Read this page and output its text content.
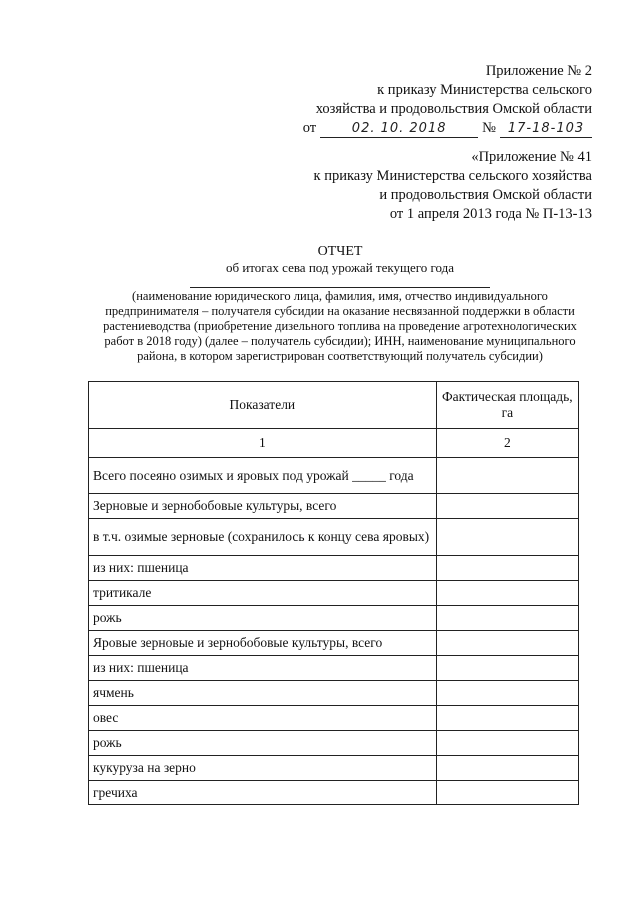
Приложение № 2
к приказу Министерства сельского
хозяйства и продовольствия Омской области
от	02. 10. 2018 № 17-18-103
«Приложение № 41
к приказу Министерства сельского хозяйства
и продовольствия Омской области
от 1 апреля 2013 года № П-13-13
ОТЧЕТ
об итогах сева под урожай текущего года
(наименование юридического лица, фамилия, имя, отчество индивидуального предпринимателя – получателя субсидии на оказание несвязанной поддержки в области растениеводства (приобретение дизельного топлива на проведение агротехнологических работ в 2018 году) (далее – получатель субсидии); ИНН, наименование муниципального района, в котором зарегистрирован соответствующий получатель субсидии)
Показатели	Фактическая площадь, га
1	2
Всего посеяно озимых и яровых под урожай _____ года	
Зерновые и зернобобовые культуры, всего	
в т.ч. озимые зерновые (сохранилось к концу сева яровых)	
из них: пшеница	
тритикале	
рожь	
Яровые зерновые и зернобобовые культуры, всего	
из них: пшеница	
ячмень	
овес	
рожь	
кукуруза на зерно	
гречиха	
